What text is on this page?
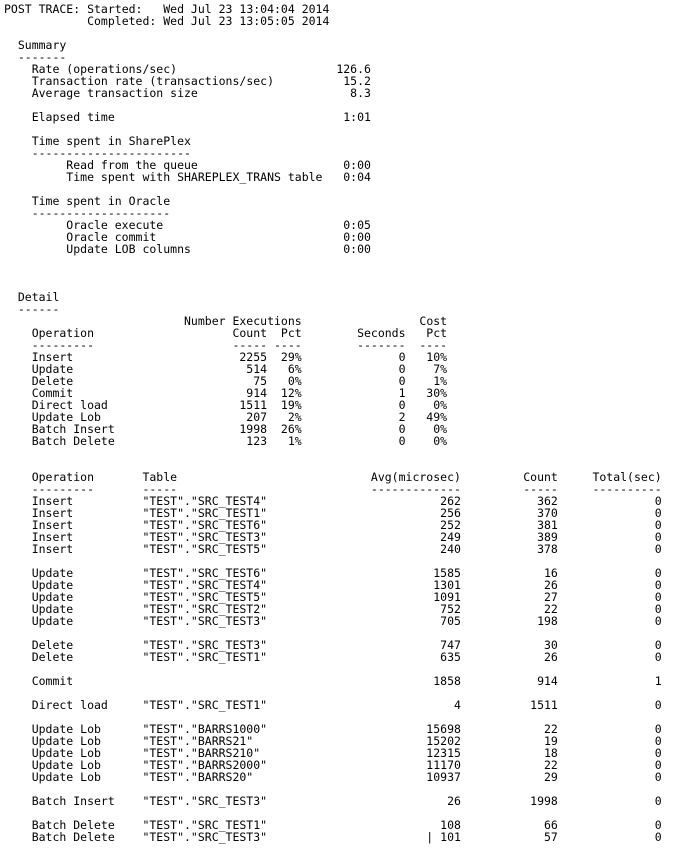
POST TRACE: Started: Wed Jul 23 13:04:04 2014
Completed: Wed Jul 23 13:05:05 2014
Summary
-------
Rate (operations/sec)	126.6
Transaction rate (transactions/sec)	15.2
Average transaction size	8.3
Elapsed time	1:01
Time spent in SharePlex
-----------------------
Read from the queue	0:00
Time spent with SHAREPLEX_TRANS table 0:04
Time spent in Oracle
--------------------
Oracle execute	0:05
Oracle commit	0:00
Update LOB columns	0:00
Detail
------
Number Executions	Cost
Operation	Count Pct	Seconds Pct
---------	----- ----	------- ----
Insert	2255 29%	0 10%
Update	514 6%	0 7%
Delete	75 0%	0 1%
Commit	914 12%	1 30%
Direct load	1511 19%	0 0%
Update Lob	207 2%	2 49%
Batch Insert	1998 26%	0 0%
Batch Delete	123 1%	0 0%
Operation	Table	Avg(microsec)	Count	Total(sec)
---------	-----	-------------	-----	----------
Insert	"TEST"."SRC_TEST4"	262	362	0
Insert	"TEST"."SRC_TEST1"	256	370	0
Insert	"TEST"."SRC_TEST6"	252	381	0
Insert	"TEST"."SRC_TEST3"	249	389	0
Insert	"TEST"."SRC_TEST5"	240	378	0
Update	"TEST"."SRC_TEST6"	1585	16	0
Update	"TEST"."SRC_TEST4"	1301	26	0
Update	"TEST"."SRC_TEST5"	1091	27	0
Update	"TEST"."SRC_TEST2"	752	22	0
Update	"TEST"."SRC_TEST3"	705	198	0
Delete	"TEST"."SRC_TEST3"	747	30	0
Delete	"TEST"."SRC_TEST1"	635	26	0
Commit	1858	914	1
Direct load	"TEST"."SRC_TEST1"	4	1511	0
Update Lob	"TEST"."BARRS1000"	15698	22	0
Update Lob	"TEST"."BARRS21"	15202	19	0
Update Lob	"TEST"."BARRS210"	12315	18	0
Update Lob	"TEST"."BARRS2000"	11170	22	0
Update Lob	"TEST"."BARRS20"	10937	29	0
Batch Insert "TEST"."SRC_TEST3"	26	1998	0
Batch Delete "TEST"."SRC_TEST1"	108	66	0
Batch Delete "TEST"."SRC_TEST3"	| 101	57	0
